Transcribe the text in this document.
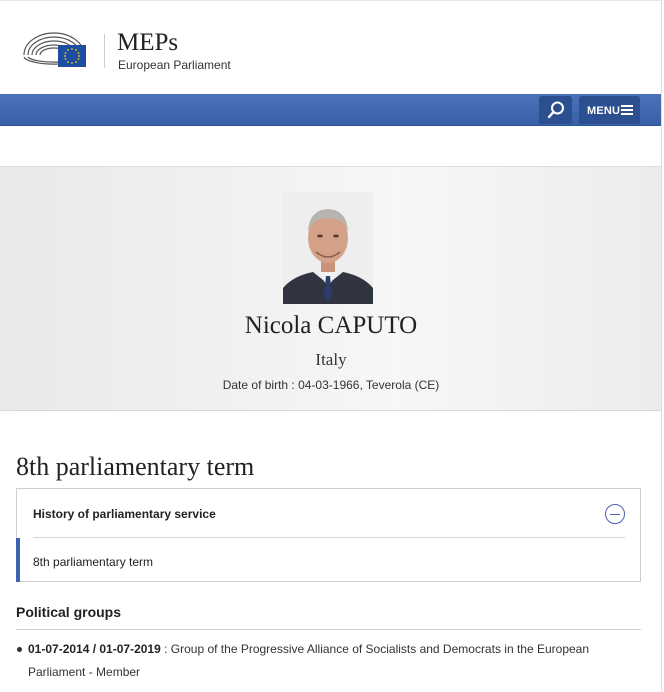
MEPs
European Parliament
MENU
Nicola CAPUTO
Italy
Date of birth : 04-03-1966, Teverola (CE)
8th parliamentary term
History of parliamentary service
8th parliamentary term
Political groups
01-07-2014 / 01-07-2019 : Group of the Progressive Alliance of Socialists and Democrats in the European Parliament - Member
